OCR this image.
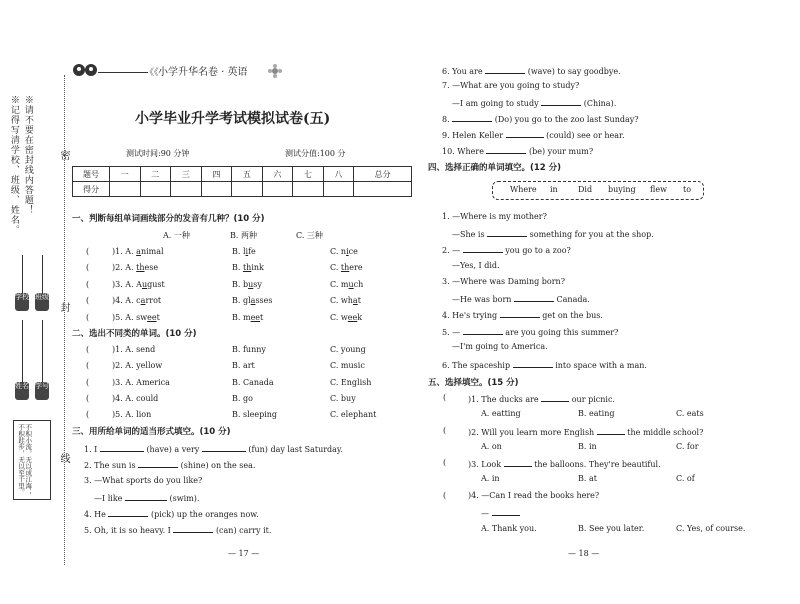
※请不要在密封线内答题！
※记得写清学校、班级、姓名。	密
封
线
学校 班级
姓名 学号
不积小流，无以成江海；不积跬步，无以至千里。
《《 小学升华名卷 · 英语
小学毕业升学考试模拟试卷(五)
测试时间:90 分钟	测试分值:100 分
题号	一	二	三	四	五	六	七	八	总分
得分									
一、判断每组单词画线部分的发音有几种？(10 分)
A. 一种	B. 两种	C. 三种
(	)1. A. animal	B. life	C. nice
(	)2. A. these	B. think	C. there
(	)3. A. August	B. busy	C. much
(	)4. A. carrot	B. glasses	C. what
(	)5. A. sweet	B. meet	C. week
二、选出不同类的单词。(10 分)
(	)1. A. send	B. funny	C. young
(	)2. A. yellow	B. art	C. music
(	)3. A. America	B. Canada	C. English
(	)4. A. could	B. go	C. buy
(	)5. A. lion	B. sleeping	C. elephant
三、用所给单词的适当形式填空。(10 分)
1. I	(have) a very	(fun) day last Saturday.
2. The sun is	(shine) on the sea.
3. —What sports do you like?
—I like	(swim).
4. He	(pick) up the oranges now.
5. Oh, it is so heavy. I	(can) carry it.
— 17 —
6. You are	(wave) to say goodbye.
7. —What are you going to study?
—I am going to study	(China).
8.	(Do) you go to the zoo last Sunday?
9. Helen Keller	(could) see or hear.
10. Where	(be) your mum?
四、选择正确的单词填空。(12 分)
Where in	Did buying flew to
1. —Where is my mother?
—She is	something for you at the shop.
2. —	you go to a zoo?
—Yes, I did.
3. —Where was Daming born?
—He was born	Canada.
4. He's trying	get on the bus.
5. —	are you going this summer?
—I'm going to America.
6. The spaceship	into space with a man.
五、选择填空。(15 分)
(	)1. The ducks are	our picnic.
A. eatting	B. eating	C. eats
(	)2. Will you learn more English	the middle school?
A. on	B. in	C. for
(	)3. Look	the balloons. They're beautiful.
A. in	B. at	C. of
(	)4. —Can I read the books here?
—
A. Thank you.	B. See you later.	C. Yes, of course.
— 18 —
